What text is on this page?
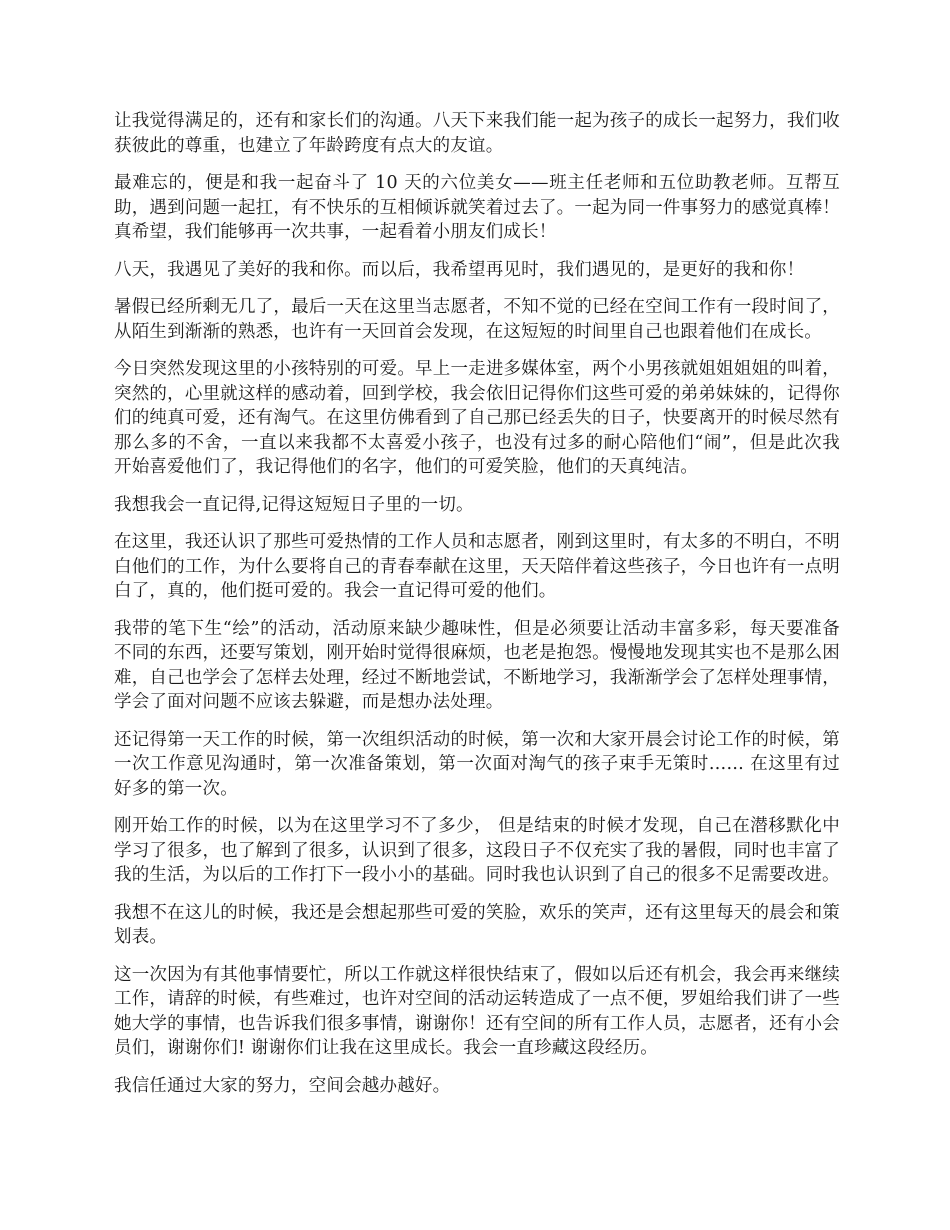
让我觉得满足的，还有和家长们的沟通。八天下来我们能一起为孩子的成长一起努力，我们收获彼此的尊重，也建立了年龄跨度有点大的友谊。

最难忘的，便是和我一起奋斗了 10 天的六位美女——班主任老师和五位助教老师。互帮互助，遇到问题一起扛，有不快乐的互相倾诉就笑着过去了。一起为同一件事努力的感觉真棒！真希望，我们能够再一次共事，一起看着小朋友们成长！

八天，我遇见了美好的我和你。而以后，我希望再见时，我们遇见的，是更好的我和你！

暑假已经所剩无几了，最后一天在这里当志愿者，不知不觉的已经在空间工作有一段时间了，从陌生到渐渐的熟悉，也许有一天回首会发现，在这短短的时间里自己也跟着他们在成长。

今日突然发现这里的小孩特别的可爱。早上一走进多媒体室，两个小男孩就姐姐姐姐的叫着，突然的，心里就这样的感动着，回到学校，我会依旧记得你们这些可爱的弟弟妹妹的，记得你们的纯真可爱，还有淘气。在这里仿佛看到了自己那已经丢失的日子，快要离开的时候尽然有那么多的不舍，一直以来我都不太喜爱小孩子，也没有过多的耐心陪他们“闹”，但是此次我开始喜爱他们了，我记得他们的名字，他们的可爱笑脸，他们的天真纯洁。

我想我会一直记得,记得这短短日子里的一切。

在这里，我还认识了那些可爱热情的工作人员和志愿者，刚到这里时，有太多的不明白，不明白他们的工作，为什么要将自己的青春奉献在这里，天天陪伴着这些孩子，今日也许有一点明白了，真的，他们挺可爱的。我会一直记得可爱的他们。

我带的笔下生“绘”的活动，活动原来缺少趣味性，但是必须要让活动丰富多彩，每天要准备不同的东西，还要写策划，刚开始时觉得很麻烦，也老是抱怨。慢慢地发现其实也不是那么困难，自己也学会了怎样去处理，经过不断地尝试，不断地学习，我渐渐学会了怎样处理事情，学会了面对问题不应该去躲避，而是想办法处理。

还记得第一天工作的时候，第一次组织活动的时候，第一次和大家开晨会讨论工作的时候，第一次工作意见沟通时，第一次准备策划，第一次面对淘气的孩子束手无策时…… 在这里有过好多的第一次。

刚开始工作的时候，以为在这里学习不了多少， 但是结束的时候才发现，自己在潜移默化中学习了很多，也了解到了很多，认识到了很多，这段日子不仅充实了我的暑假，同时也丰富了我的生活，为以后的工作打下一段小小的基础。同时我也认识到了自己的很多不足需要改进。

我想不在这儿的时候，我还是会想起那些可爱的笑脸，欢乐的笑声，还有这里每天的晨会和策划表。

这一次因为有其他事情要忙，所以工作就这样很快结束了，假如以后还有机会，我会再来继续工作，请辞的时候，有些难过，也许对空间的活动运转造成了一点不便，罗姐给我们讲了一些她大学的事情，也告诉我们很多事情，谢谢你！还有空间的所有工作人员，志愿者，还有小会员们，谢谢你们! 谢谢你们让我在这里成长。我会一直珍藏这段经历。

我信任通过大家的努力，空间会越办越好。
